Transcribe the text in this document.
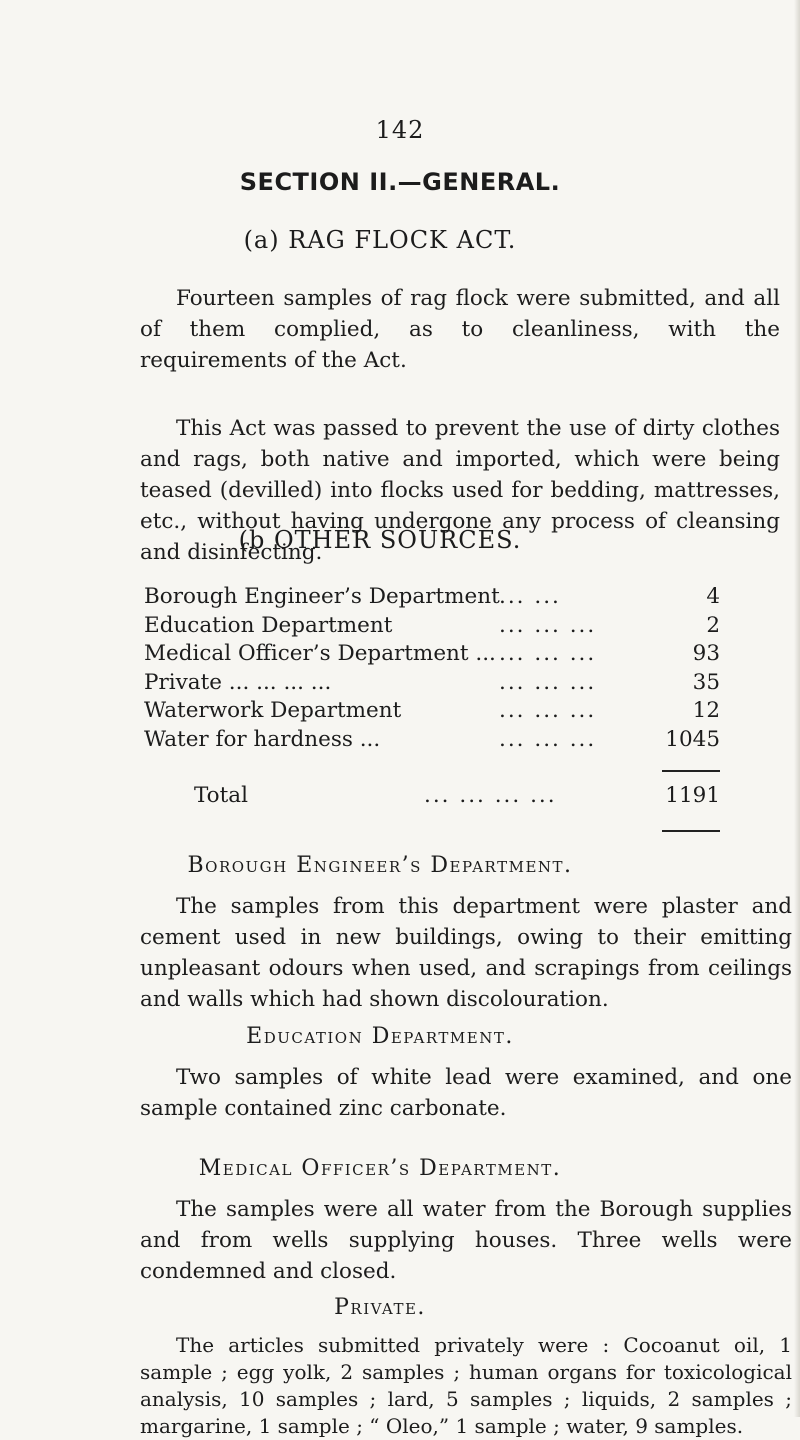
142
SECTION II.—GENERAL.
(a) RAG FLOCK ACT.
Fourteen samples of rag flock were submitted, and all of them complied, as to cleanliness, with the requirements of the Act.
This Act was passed to prevent the use of dirty clothes and rags, both native and imported, which were being teased (devilled) into flocks used for bedding, mattresses, etc., without having undergone any process of cleansing and disinfecting.
(b OTHER SOURCES.
Borough Engineer’s Department ... ...	4
Education Department	... ... ...	2
Medical Officer’s Department ... ... ... ...	93
Private ... ... ... ...	... ... ...	35
Waterwork Department	... ... ...	12
Water for hardness ...	... ... ...	1045
Total	... ... ... ...	1191
Borough Engineer’s Department.
The samples from this department were plaster and cement used in new buildings, owing to their emitting unpleasant odours when used, and scrapings from ceilings and walls which had shown discolouration.
Education Department.
Two samples of white lead were examined, and one sample contained zinc carbonate.
Medical Officer’s Department.
The samples were all water from the Borough supplies and from wells supplying houses. Three wells were condemned and closed.
Private.
The articles submitted privately were : Cocoanut oil, 1 sample ; egg yolk, 2 samples ; human organs for toxicological analysis, 10 samples ; lard, 5 samples ; liquids, 2 samples ; margarine, 1 sample ; “ Oleo,” 1 sample ; water, 9 samples.
